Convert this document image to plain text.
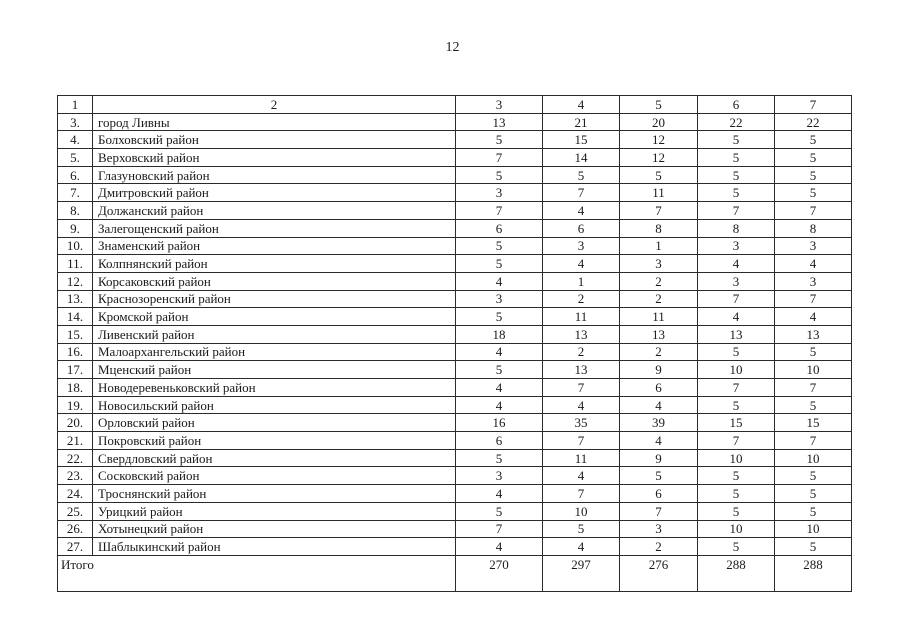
12
1	2	3	4	5	6	7
3.	город Ливны	13	21	20	22	22
4.	Болховский район	5	15	12	5	5
5.	Верховский район	7	14	12	5	5
6.	Глазуновский район	5	5	5	5	5
7.	Дмитровский район	3	7	11	5	5
8.	Должанский район	7	4	7	7	7
9.	Залегощенский район	6	6	8	8	8
10.	Знаменский район	5	3	1	3	3
11.	Колпнянский район	5	4	3	4	4
12.	Корсаковский район	4	1	2	3	3
13.	Краснозоренский район	3	2	2	7	7
14.	Кромской район	5	11	11	4	4
15.	Ливенский район	18	13	13	13	13
16.	Малоархангельский район	4	2	2	5	5
17.	Мценский район	5	13	9	10	10
18.	Новодеревеньковский район	4	7	6	7	7
19.	Новосильский район	4	4	4	5	5
20.	Орловский район	16	35	39	15	15
21.	Покровский район	6	7	4	7	7
22.	Свердловский район	5	11	9	10	10
23.	Сосковский район	3	4	5	5	5
24.	Троснянский район	4	7	6	5	5
25.	Урицкий район	5	10	7	5	5
26.	Хотынецкий район	7	5	3	10	10
27.	Шаблыкинский район	4	4	2	5	5
Итого		270	297	276	288	288
